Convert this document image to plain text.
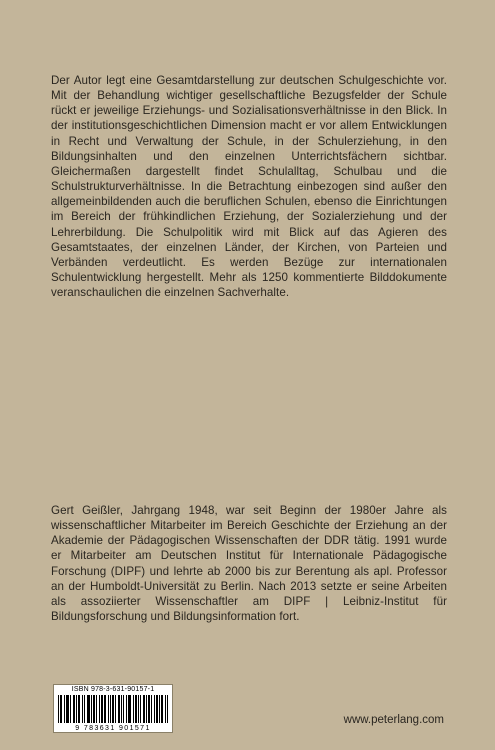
Der Autor legt eine Gesamtdarstellung zur deutschen Schulgeschichte vor. Mit der Behandlung wichtiger gesellschaftliche Bezugsfelder der Schule rückt er jeweilige Erziehungs- und Sozialisationsverhältnisse in den Blick. In der institutionsgeschichtlichen Dimension macht er vor allem Entwicklungen in Recht und Verwaltung der Schule, in der Schulerziehung, in den Bildungsinhalten und den einzelnen Unterrichtsfächern sichtbar. Gleichermaßen dargestellt findet Schulalltag, Schulbau und die Schulstrukturverhältnisse. In die Betrachtung einbezogen sind außer den allgemeinbildenden auch die beruflichen Schulen, ebenso die Einrichtungen im Bereich der frühkindlichen Erziehung, der Sozialerziehung und der Lehrerbildung. Die Schulpolitik wird mit Blick auf das Agieren des Gesamtstaates, der einzelnen Länder, der Kirchen, von Parteien und Verbänden verdeutlicht. Es werden Bezüge zur internationalen Schulentwicklung hergestellt. Mehr als 1250 kommentierte Bilddokumente veranschaulichen die einzelnen Sachverhalte.

Gert Geißler, Jahrgang 1948, war seit Beginn der 1980er Jahre als wissenschaftlicher Mitarbeiter im Bereich Geschichte der Erziehung an der Akademie der Pädagogischen Wissenschaften der DDR tätig. 1991 wurde er Mitarbeiter am Deutschen Institut für Internationale Pädagogische Forschung (DIPF) und lehrte ab 2000 bis zur Berentung als apl. Professor an der Humboldt-Universität zu Berlin. Nach 2013 setzte er seine Arbeiten als assoziierter Wissenschaftler am DIPF | Leibniz-Institut für Bildungsforschung und Bildungsinformation fort.

ISBN 978-3-631-90157-1
9 783631 901571
www.peterlang.com
